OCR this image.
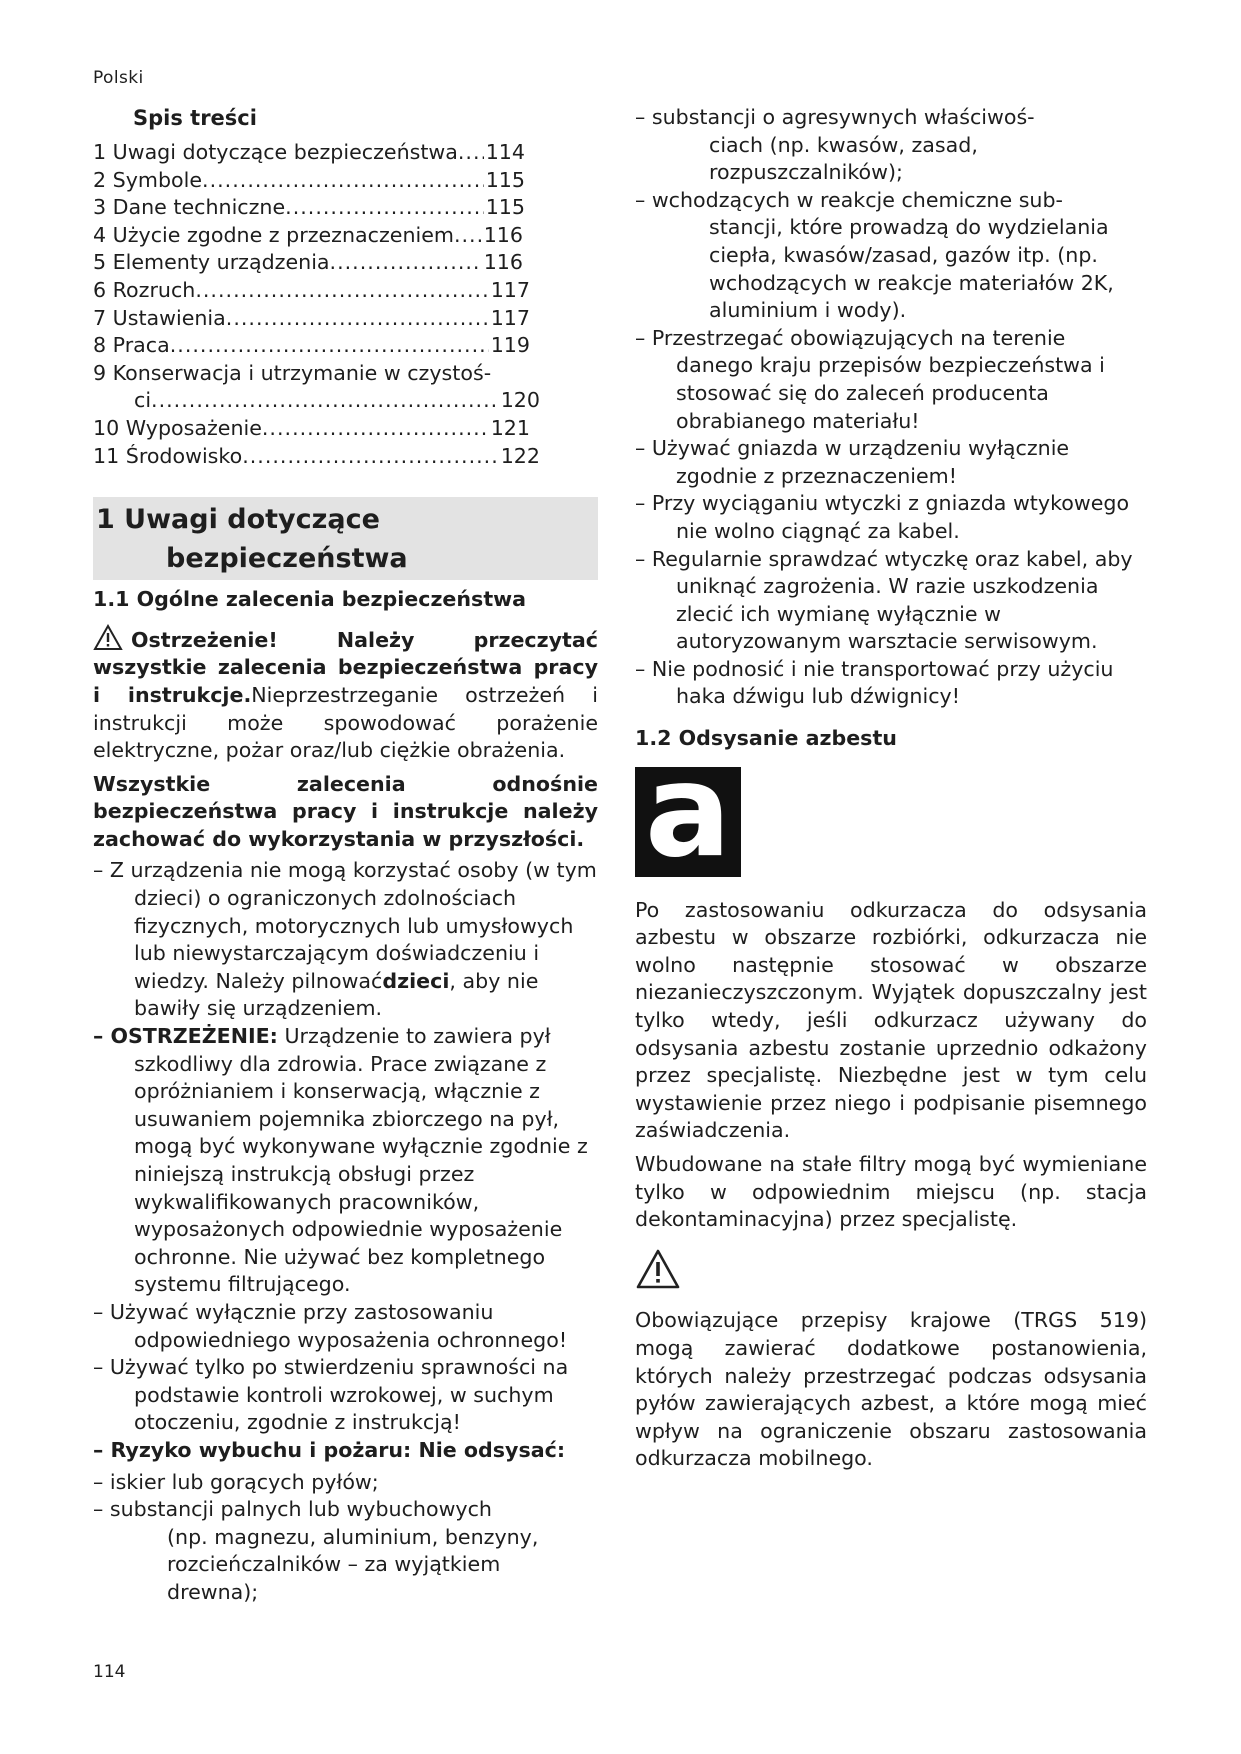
Polski
Spis treści
1 Uwagi dotyczące bezpieczeństwa ..... 114
2 Symbole .....	115
3 Dane techniczne .....	115
4 Użycie zgodne z przeznaczeniem ..... 116
5 Elementy urządzenia .....	116
6 Rozruch .....	117
7 Ustawienia .....	117
8 Praca .....	119
9 Konserwacja i utrzymanie w czystoś-
ci .....	120
10 Wyposażenie .....	121
11 Środowisko .....	122
1 Uwagi dotyczące
bezpieczeństwa
1.1 Ogólne zalecenia bezpieczeństwa
Ostrzeżenie! Należy przeczytać wszystkie zalecenia bezpieczeństwa pracy i instrukcje.Nieprzestrzeganie ostrzeżeń i instrukcji może spowodować porażenie elektryczne, pożar oraz/lub ciężkie obrażenia.
Wszystkie zalecenia odnośnie bezpieczeństwa pracy i instrukcje należy zachować do wykorzystania w przyszłości.
– Z urządzenia nie mogą korzystać osoby (w tym dzieci) o ograniczonych zdolnościach fizycznych, motorycznych lub umysłowych lub niewystarczającym doświadczeniu i wiedzy. Należy pilnowaćdzieci, aby nie bawiły się urządzeniem.
– OSTRZEŻENIE: Urządzenie to zawiera pył szkodliwy dla zdrowia. Prace związane z opróżnianiem i konserwacją, włącznie z usuwaniem pojemnika zbiorczego na pył, mogą być wykonywane wyłącznie zgodnie z niniejszą instrukcją obsługi przez wykwalifikowanych pracowników, wyposażonych odpowiednie wyposażenie ochronne. Nie używać bez kompletnego systemu filtrującego.
– Używać wyłącznie przy zastosowaniu odpowiedniego wyposażenia ochronnego!
– Używać tylko po stwierdzeniu sprawności na podstawie kontroli wzrokowej, w suchym otoczeniu, zgodnie z instrukcją!
– Ryzyko wybuchu i pożaru: Nie odsysać:
– iskier lub gorących pyłów;
– substancji palnych lub wybuchowych
(np. magnezu, aluminium, benzyny, rozcieńczalników – za wyjątkiem drewna);
– substancji o agresywnych właściwoś-
ciach (np. kwasów, zasad, rozpuszczalników);
– wchodzących w reakcje chemiczne sub-
stancji, które prowadzą do wydzielania ciepła, kwasów/zasad, gazów itp. (np. wchodzących w reakcje materiałów 2K, aluminium i wody).
– Przestrzegać obowiązujących na terenie danego kraju przepisów bezpieczeństwa i stosować się do zaleceń producenta obrabianego materiału!
– Używać gniazda w urządzeniu wyłącznie zgodnie z przeznaczeniem!
– Przy wyciąganiu wtyczki z gniazda wtykowego nie wolno ciągnąć za kabel.
– Regularnie sprawdzać wtyczkę oraz kabel, aby uniknąć zagrożenia. W razie uszkodzenia zlecić ich wymianę wyłącznie w autoryzowanym warsztacie serwisowym.
– Nie podnosić i nie transportować przy użyciu haka dźwigu lub dźwignicy!
1.2 Odsysanie azbestu
a
Po zastosowaniu odkurzacza do odsysania azbestu w obszarze rozbiórki, odkurzacza nie wolno następnie stosować w obszarze niezanieczyszczonym. Wyjątek dopuszczalny jest tylko wtedy, jeśli odkurzacz używany do odsysania azbestu zostanie uprzednio odkażony przez specjalistę. Niezbędne jest w tym celu wystawienie przez niego i podpisanie pisemnego zaświadczenia.
Wbudowane na stałe filtry mogą być wymieniane tylko w odpowiednim miejscu (np. stacja dekontaminacyjna) przez specjalistę.
Obowiązujące przepisy krajowe (TRGS 519) mogą zawierać dodatkowe postanowienia, których należy przestrzegać podczas odsysania pyłów zawierających azbest, a które mogą mieć wpływ na ograniczenie obszaru zastosowania odkurzacza mobilnego.
114
